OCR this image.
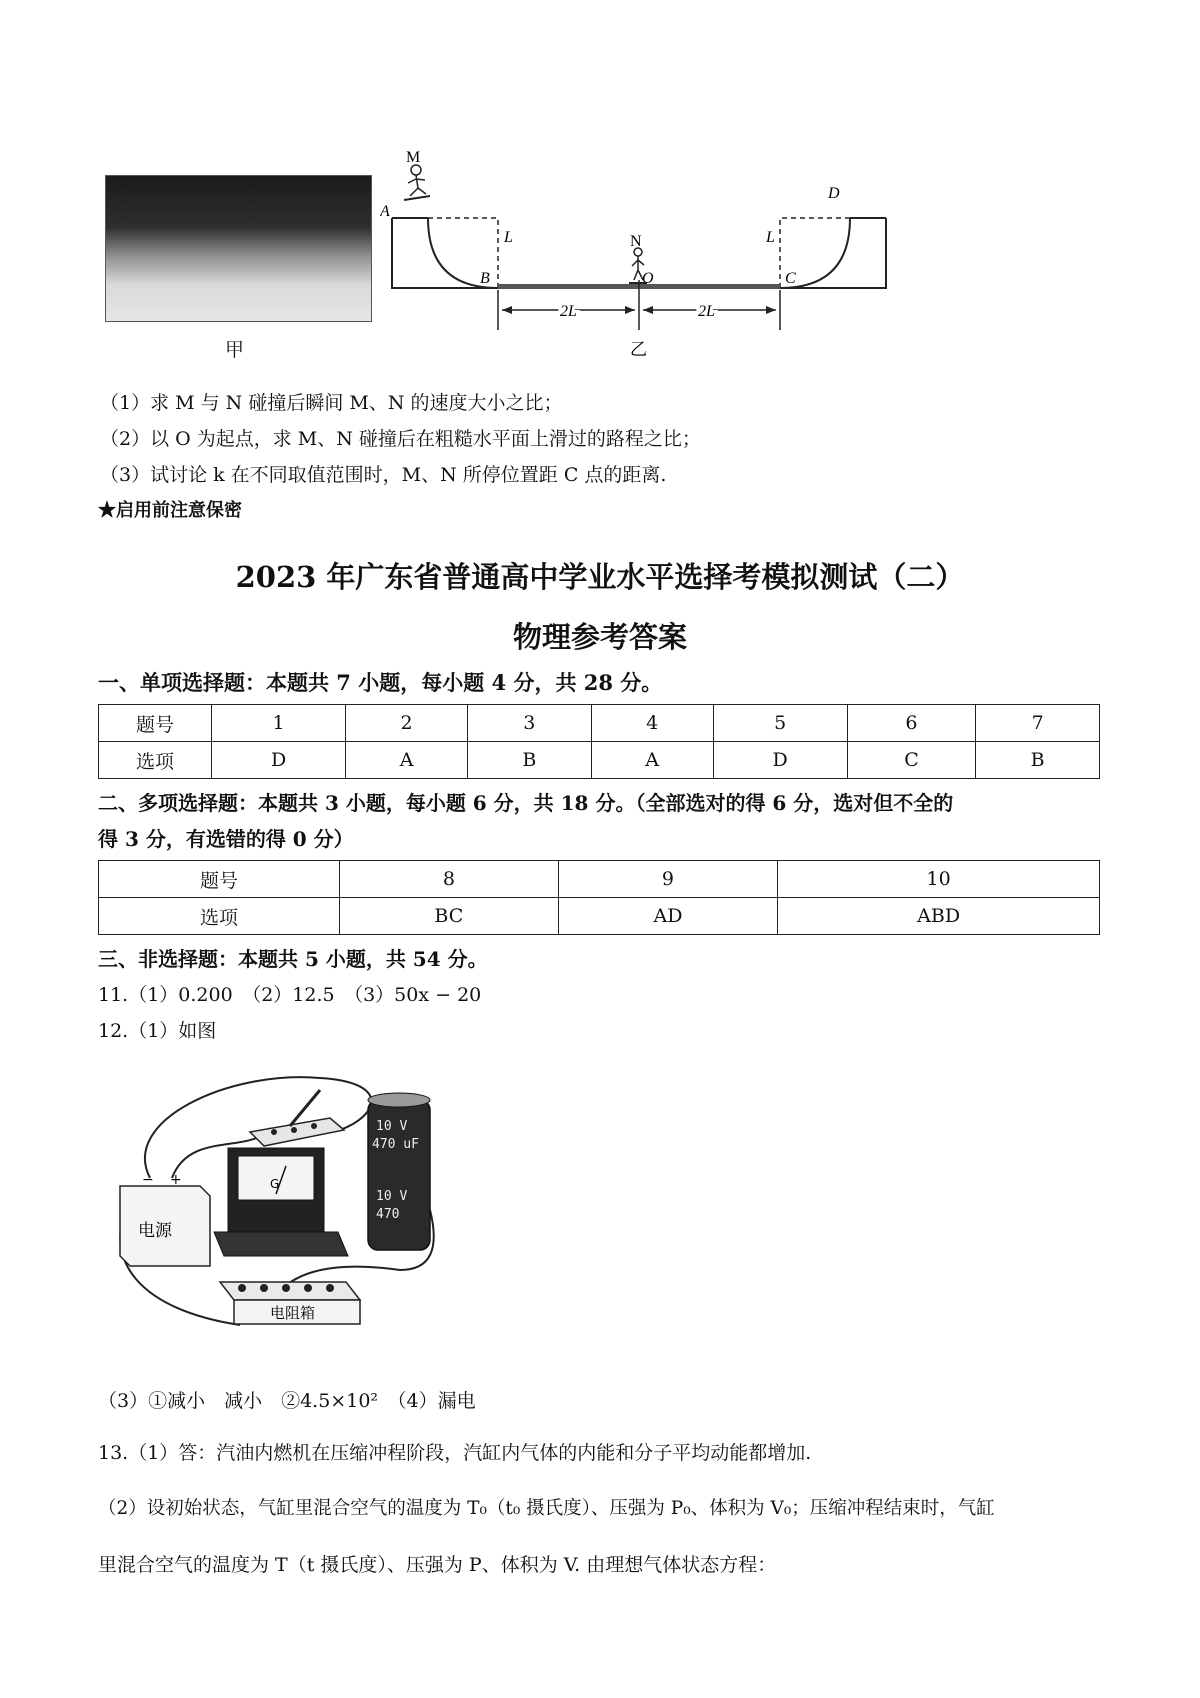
甲
M
A
N
D
B	O	C
L	L
2L	2L
乙
（1）求 M 与 N 碰撞后瞬间 M、N 的速度大小之比；
（2）以 O 为起点，求 M、N 碰撞后在粗糙水平面上滑过的路程之比；
（3）试讨论 k 在不同取值范围时，M、N 所停位置距 C 点的距离.
★启用前注意保密
2023 年广东省普通高中学业水平选择考模拟测试（二）
物理参考答案
一、单项选择题：本题共 7 小题，每小题 4 分，共 28 分。
题号	1	2	3	4	5	6	7
选项	D	A	B	A	D	C	B
二、多项选择题：本题共 3 小题，每小题 6 分，共 18 分。（全部选对的得 6 分，选对但不全的
得 3 分，有选错的得 0 分）
题号	8	9	10
选项	BC	AD	ABD
三、非选择题：本题共 5 小题，共 54 分。
11.（1）0.200　（2）12.5　（3）50x − 20
12.（1）如图
10 V
470 uF
10 V
470
− +
电源
G
电阻箱
（3）①减小　减小　②4.5×10²　（4）漏电
13.（1）答：汽油内燃机在压缩冲程阶段，汽缸内气体的内能和分子平均动能都增加.
（2）设初始状态，气缸里混合空气的温度为 T₀（t₀ 摄氏度）、压强为 P₀、体积为 V₀；压缩冲程结束时，气缸
里混合空气的温度为 T（t 摄氏度）、压强为 P、体积为 V. 由理想气体状态方程：
